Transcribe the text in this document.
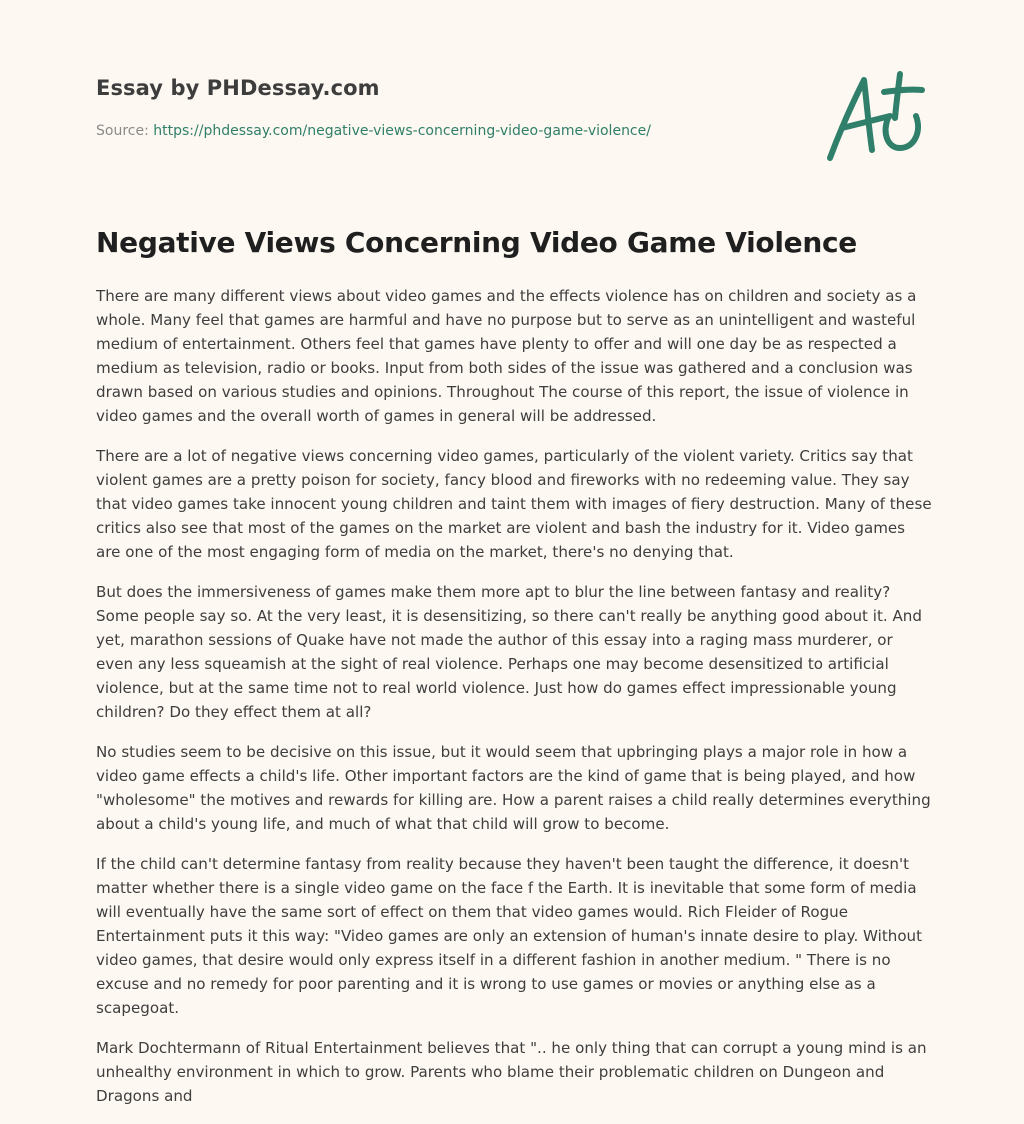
Essay by PHDessay.com
Source: https://phdessay.com/negative-views-concerning-video-game-violence/
Negative Views Concerning Video Game Violence

There are many different views about video games and the effects violence has on children and society as a whole. Many feel that games are harmful and have no purpose but to serve as an unintelligent and wasteful medium of entertainment. Others feel that games have plenty to offer and will one day be as respected a medium as television, radio or books. Input from both sides of the issue was gathered and a conclusion was drawn based on various studies and opinions. Throughout The course of this report, the issue of violence in video games and the overall worth of games in general will be addressed.

There are a lot of negative views concerning video games, particularly of the violent variety. Critics say that violent games are a pretty poison for society, fancy blood and fireworks with no redeeming value. They say that video games take innocent young children and taint them with images of fiery destruction. Many of these critics also see that most of the games on the market are violent and bash the industry for it. Video games are one of the most engaging form of media on the market, there's no denying that.

But does the immersiveness of games make them more apt to blur the line between fantasy and reality? Some people say so. At the very least, it is desensitizing, so there can't really be anything good about it. And yet, marathon sessions of Quake have not made the author of this essay into a raging mass murderer, or even any less squeamish at the sight of real violence. Perhaps one may become desensitized to artificial violence, but at the same time not to real world violence. Just how do games effect impressionable young children? Do they effect them at all?

No studies seem to be decisive on this issue, but it would seem that upbringing plays a major role in how a video game effects a child's life. Other important factors are the kind of game that is being played, and how "wholesome" the motives and rewards for killing are. How a parent raises a child really determines everything about a child's young life, and much of what that child will grow to become.

If the child can't determine fantasy from reality because they haven't been taught the difference, it doesn't matter whether there is a single video game on the face f the Earth. It is inevitable that some form of media will eventually have the same sort of effect on them that video games would. Rich Fleider of Rogue Entertainment puts it this way: "Video games are only an extension of human's innate desire to play. Without video games, that desire would only express itself in a different fashion in another medium. " There is no excuse and no remedy for poor parenting and it is wrong to use games or movies or anything else as a scapegoat.

Mark Dochtermann of Ritual Entertainment believes that ".. he only thing that can corrupt a young mind is an unhealthy environment in which to grow. Parents who blame their problematic children on Dungeon and Dragons and
